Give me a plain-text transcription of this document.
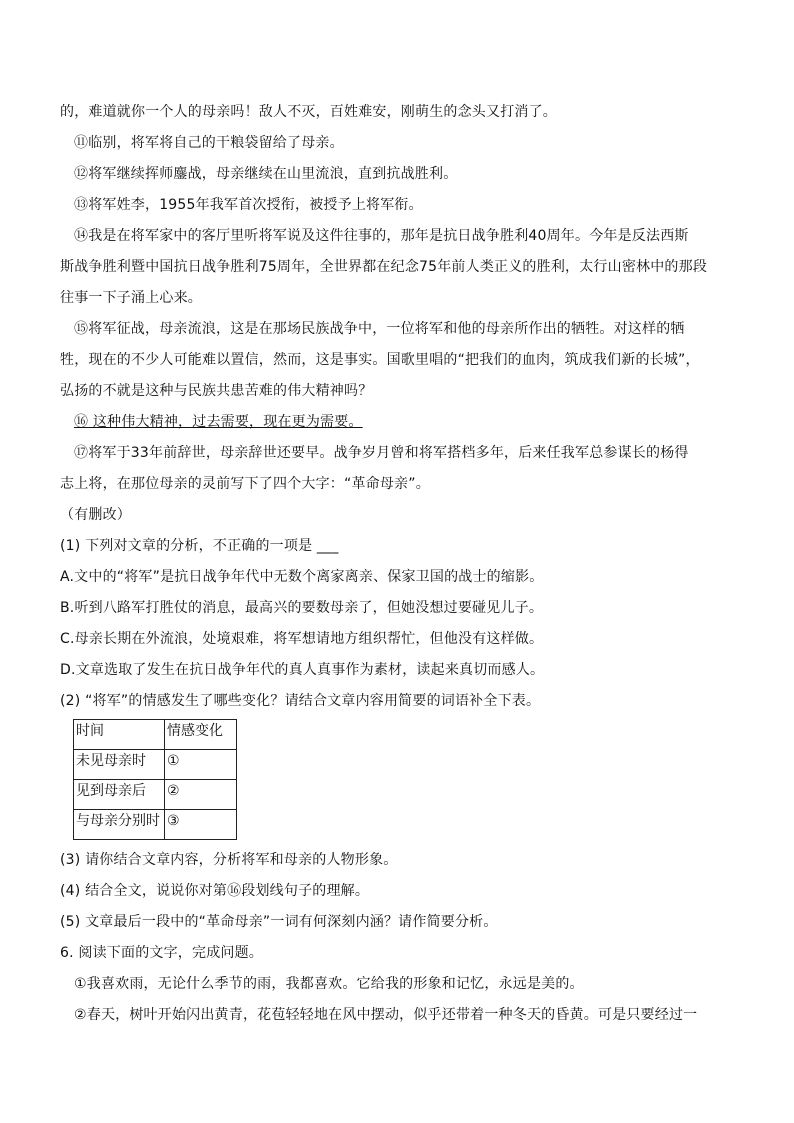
的，难道就你一个人的母亲吗！敌人不灭，百姓难安，刚萌生的念头又打消了。
⑪临别，将军将自己的干粮袋留给了母亲。
⑫将军继续挥师鏖战，母亲继续在山里流浪，直到抗战胜利。
⑬将军姓李，1955年我军首次授衔，被授予上将军衔。
⑭我是在将军家中的客厅里听将军说及这件往事的，那年是抗日战争胜利40周年。今年是反法西斯
斯战争胜利暨中国抗日战争胜利75周年，全世界都在纪念75年前人类正义的胜利，太行山密林中的那段
往事一下子涌上心来。
⑮将军征战，母亲流浪，这是在那场民族战争中，一位将军和他的母亲所作出的牺牲。对这样的牺
牲，现在的不少人可能难以置信，然而，这是事实。国歌里唱的“把我们的血肉，筑成我们新的长城”，
弘扬的不就是这种与民族共患苦难的伟大精神吗？
⑯ 这种伟大精神，过去需要，现在更为需要。
⑰将军于33年前辞世，母亲辞世还要早。战争岁月曾和将军搭档多年，后来任我军总参谋长的杨得
志上将，在那位母亲的灵前写下了四个大字：“革命母亲”。
（有删改）
(1) 下列对文章的分析，不正确的一项是 ___
A.文中的“将军”是抗日战争年代中无数个离家离亲、保家卫国的战士的缩影。
B.听到八路军打胜仗的消息，最高兴的要数母亲了，但她没想过要碰见儿子。
C.母亲长期在外流浪，处境艰难，将军想请地方组织帮忙，但他没有这样做。
D.文章选取了发生在抗日战争年代的真人真事作为素材，读起来真切而感人。
(2) “将军”的情感发生了哪些变化？请结合文章内容用简要的词语补全下表。
时间	情感变化
未见母亲时	①
见到母亲后	②
与母亲分别时	③
(3) 请你结合文章内容，分析将军和母亲的人物形象。
(4) 结合全文，说说你对第⑯段划线句子的理解。
(5) 文章最后一段中的“革命母亲”一词有何深刻内涵？请作简要分析。
6. 阅读下面的文字，完成问题。
①我喜欢雨，无论什么季节的雨，我都喜欢。它给我的形象和记忆，永远是美的。
②春天，树叶开始闪出黄青，花苞轻轻地在风中摆动，似乎还带着一种冬天的昏黄。可是只要经过一
